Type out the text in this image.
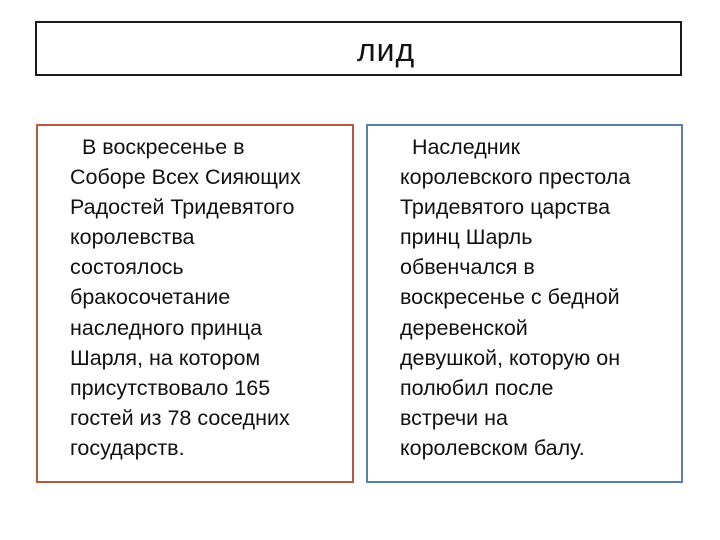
лид

В воскресенье в
Соборе Всех Сияющих
Радостей Тридевятого
королевства
состоялось
бракосочетание
наследного принца
Шарля, на котором
присутствовало 165
гостей из 78 соседних
государств.

Наследник
королевского престола
Тридевятого царства
принц Шарль
обвенчался в
воскресенье с бедной
деревенской
девушкой, которую он
полюбил после
встречи на
королевском балу.
